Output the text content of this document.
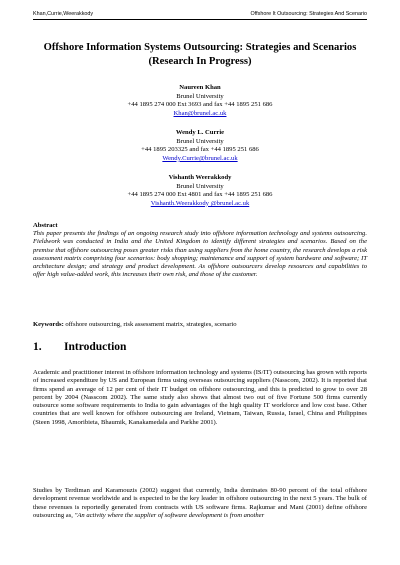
Khan,Currie,Weerakkody	Offshore It Outsourcing: Strategies And Scenario
Offshore Information Systems Outsourcing: Strategies and Scenarios (Research In Progress)
Naureen Khan
Brunel University
+44 1895 274 000 Ext 3693 and fax +44 1895 251 686
Khan@brunel.ac.uk
Wendy L. Currie
Brunel University
+44 1895 203325 and fax +44 1895 251 686
Wendy.Currie@brunel.ac.uk
Vishanth Weerakkody
Brunel University
+44 1895 274 000 Ext 4801 and fax +44 1895 251 686
Vishanth.Weerakkody @brunel.ac.uk
Abstract
This paper presents the findings of an ongoing research study into offshore information technology and systems outsourcing. Fieldwork was conducted in India and the United Kingdom to identify different strategies and scenarios. Based on the premise that offshore outsourcing poses greater risks than using suppliers from the home country, the research develops a risk assessment matrix comprising four scenarios: body shopping; maintenance and support of system hardware and software; IT architecture design; and strategy and product development. As offshore outsourcers develop resources and capabilities to offer high value-added work, this increases their own risk, and those of the customer.
Keywords: offshore outsourcing, risk assessment matrix, strategies, scenario
1.	Introduction
Academic and practitioner interest in offshore information technology and systems (IS/IT) outsourcing has grown with reports of increased expenditure by US and European firms using overseas outsourcing suppliers (Nasscom, 2002). It is reported that firms spend an average of 12 per cent of their IT budget on offshore outsourcing, and this is predicted to grow to over 28 percent by 2004 (Nasscom 2002). The same study also shows that almost two out of five Fortune 500 firms currently outsource some software requirements to India to gain advantages of the high quality IT workforce and low cost base. Other countries that are well known for offshore outsourcing are Ireland, Vietnam, Taiwan, Russia, Israel, China and Philippines (Steen 1998, Amoribieta, Bhaumik, Kanakamedala and Parkhe 2001).
Studies by Terdiman and Karamouzis (2002) suggest that currently, India dominates 80-90 percent of the total offshore development revenue worldwide and is expected to be the key leader in offshore outsourcing in the next 5 years. The bulk of these revenues is reportedly generated from contracts with US software firms. Rajkumar and Mani (2001) define offshore outsourcing as, "An activity where the supplier of software development is from another
